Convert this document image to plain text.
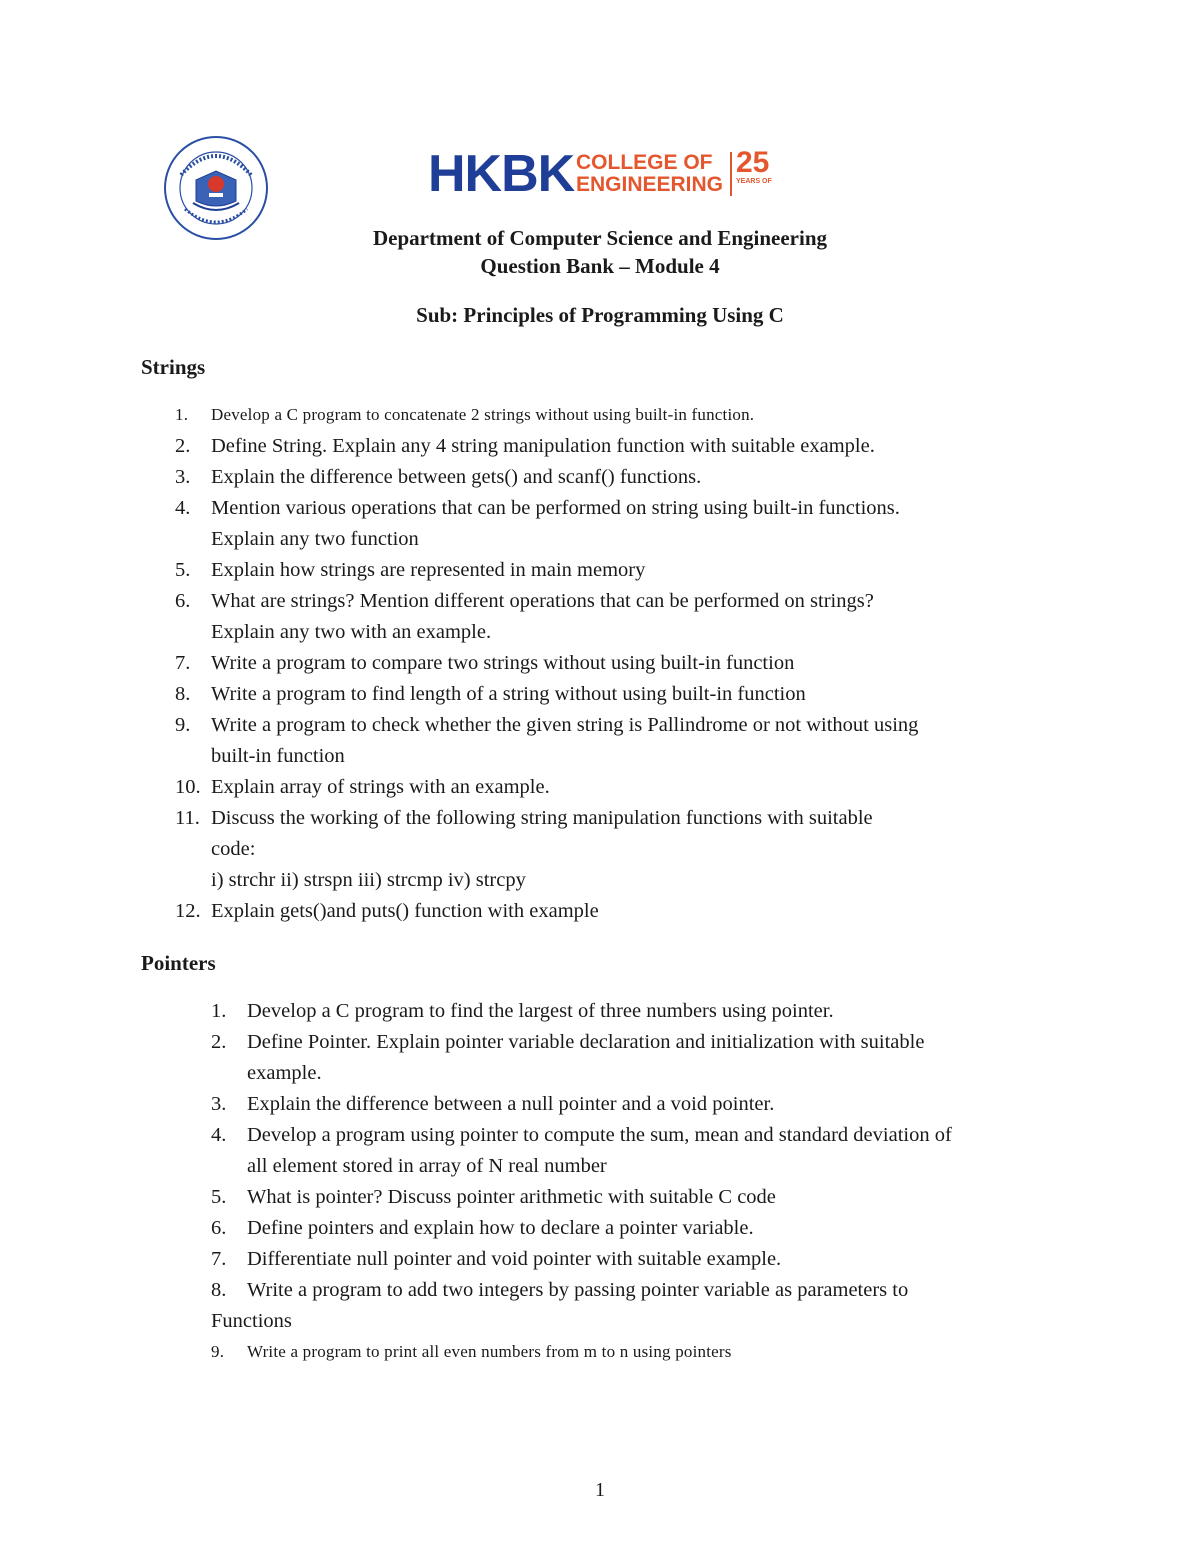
HKBK COLLEGE OF
ENGINEERING
25
YEARS OF
Department of Computer Science and Engineering
Question Bank – Module 4
Sub: Principles of Programming Using C
Strings
1. Develop a C program to concatenate 2 strings without using built-in function.
2. Define String. Explain any 4 string manipulation function with suitable example.
3. Explain the difference between gets() and scanf() functions.
4. Mention various operations that can be performed on string using built-in functions.
Explain any two function
5. Explain how strings are represented in main memory
6. What are strings? Mention different operations that can be performed on strings?
Explain any two with an example.
7. Write a program to compare two strings without using built-in function
8. Write a program to find length of a string without using built-in function
9. Write a program to check whether the given string is Pallindrome or not without using
built-in function
10. Explain array of strings with an example.
11. Discuss the working of the following string manipulation functions with suitable
code:
i) strchr ii) strspn iii) strcmp iv) strcpy
12. Explain gets()and puts() function with example
Pointers
1. Develop a C program to find the largest of three numbers using pointer.
2. Define Pointer. Explain pointer variable declaration and initialization with suitable
example.
3. Explain the difference between a null pointer and a void pointer.
4. Develop a program using pointer to compute the sum, mean and standard deviation of
all element stored in array of N real number
5. What is pointer? Discuss pointer arithmetic with suitable C code
6. Define pointers and explain how to declare a pointer variable.
7. Differentiate null pointer and void pointer with suitable example.
8. Write a program to add two integers by passing pointer variable as parameters to
Functions
9. Write a program to print all even numbers from m to n using pointers
1
